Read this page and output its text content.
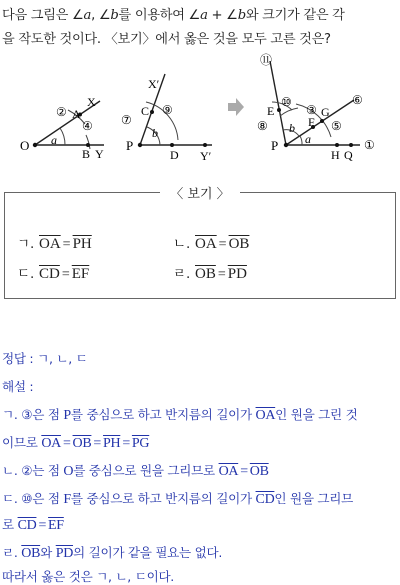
다음 그림은 ∠a, ∠b를 이용하여 ∠a + ∠b와 크기가 같은 각
을 작도한 것이다. 〈보기〉에서 옳은 것을 모두 고른 것은?
O
A
X
B Y
a
②
④
X′
C
P
D Y′
b
⑦
⑨
⑪
E
⑩
③ G
⑥
⑧	F ⑤
P
b
a
H Q
①
〈 보기 〉
ㄱ. $\overline{OA} = \overline{PH}$	ㄴ. $\overline{OA} = \overline{OB}$
ㄷ. $\overline{CD} = \overline{EF}$	ㄹ. $\overline{OB} = \overline{PD}$
정답 : ㄱ, ㄴ, ㄷ
해설 :
ㄱ. ③은 점 P를 중심으로 하고 반지름의 길이가 $\overline{OA}$인 원을 그린 것
이므로 $\overline{OA} = \overline{OB} = \overline{PH} = \overline{PG}$
ㄴ. ②는 점 O를 중심으로 원을 그리므로 $\overline{OA} = \overline{OB}$
ㄷ. ⑩은 점 F를 중심으로 하고 반지름의 길이가 $\overline{CD}$인 원을 그리므
로 $\overline{CD} = \overline{EF}$
ㄹ. $\overline{OB}$와 $\overline{PD}$의 길이가 같을 필요는 없다.
따라서 옳은 것은 ㄱ, ㄴ, ㄷ이다.
